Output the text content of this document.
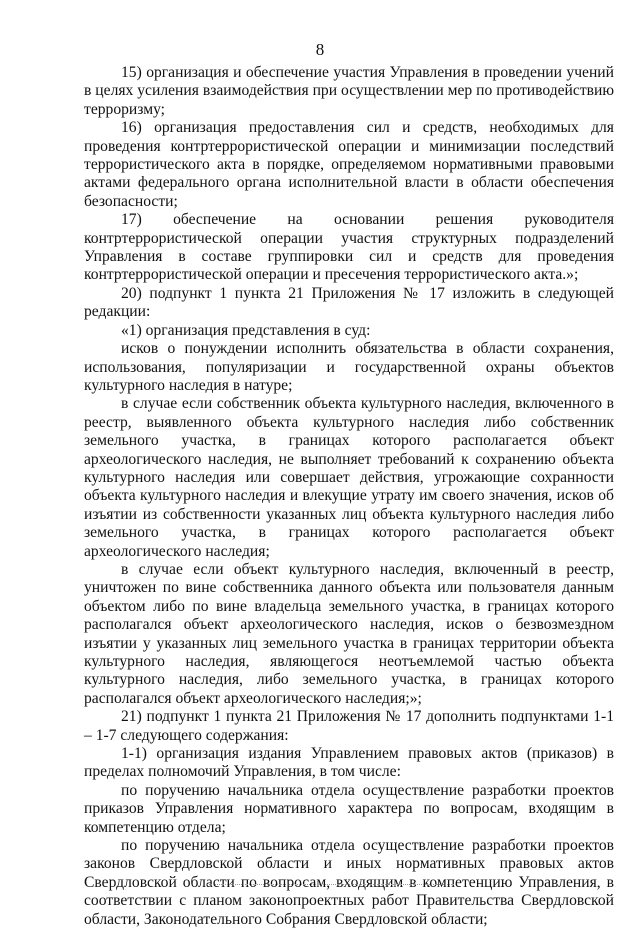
8

15) организация и обеспечение участия Управления в проведении учений в целях усиления взаимодействия при осуществлении мер по противодействию терроризму;

16) организация предоставления сил и средств, необходимых для проведения контртеррористической операции и минимизации последствий террористического акта в порядке, определяемом нормативными правовыми актами федерального органа исполнительной власти в области обеспечения безопасности;

17) обеспечение на основании решения руководителя контртеррористической операции участия структурных подразделений Управления в составе группировки сил и средств для проведения контртеррористической операции и пресечения террористического акта.»;

20) подпункт 1 пункта 21 Приложения № 17 изложить в следующей редакции:

«1) организация представления в суд:

исков о понуждении исполнить обязательства в области сохранения, использования, популяризации и государственной охраны объектов культурного наследия в натуре;

в случае если собственник объекта культурного наследия, включенного в реестр, выявленного объекта культурного наследия либо собственник земельного участка, в границах которого располагается объект археологического наследия, не выполняет требований к сохранению объекта культурного наследия или совершает действия, угрожающие сохранности объекта культурного наследия и влекущие утрату им своего значения, исков об изъятии из собственности указанных лиц объекта культурного наследия либо земельного участка, в границах которого располагается объект археологического наследия;

в случае если объект культурного наследия, включенный в реестр, уничтожен по вине собственника данного объекта или пользователя данным объектом либо по вине владельца земельного участка, в границах которого располагался объект археологического наследия, исков о безвозмездном изъятии у указанных лиц земельного участка в границах территории объекта культурного наследия, являющегося неотъемлемой частью объекта культурного наследия, либо земельного участка, в границах которого располагался объект археологического наследия;»;

21) подпункт 1 пункта 21 Приложения № 17 дополнить подпунктами 1-1 – 1-7 следующего содержания:

1-1) организация издания Управлением правовых актов (приказов) в пределах полномочий Управления, в том числе:

по поручению начальника отдела осуществление разработки проектов приказов Управления нормативного характера по вопросам, входящим в компетенцию отдела;

по поручению начальника отдела осуществление разработки проектов законов Свердловской области и иных нормативных правовых актов Свердловской области по вопросам, входящим в компетенцию Управления, в соответствии с планом законопроектных работ Правительства Свердловской области, Законодательного Собрания Свердловской области;
